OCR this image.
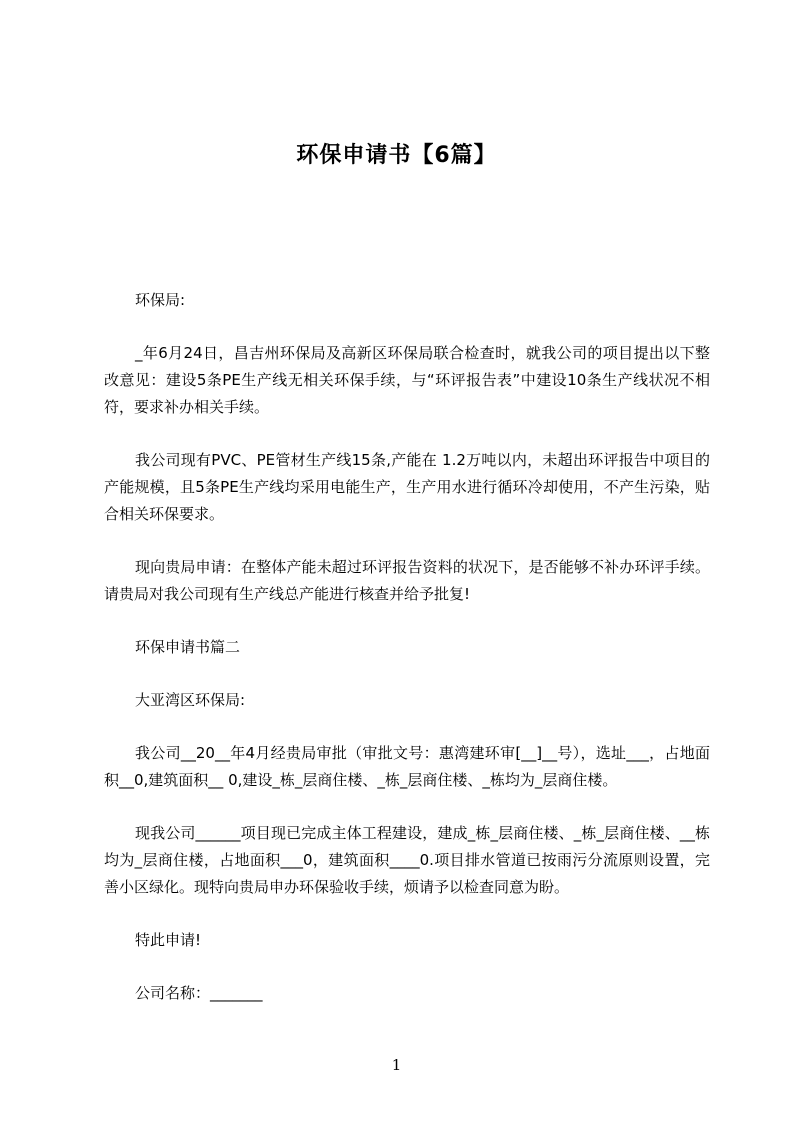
环保申请书【6篇】

环保局:

_年6月24日，昌吉州环保局及高新区环保局联合检查时，就我公司的项目提出以下整改意见：建设5条PE生产线无相关环保手续，与“环评报告表”中建设10条生产线状况不相符，要求补办相关手续。

我公司现有PVC、PE管材生产线15条,产能在 1.2万吨以内，未超出环评报告中项目的产能规模，且5条PE生产线均采用电能生产，生产用水进行循环冷却使用，不产生污染，贴合相关环保要求。

现向贵局申请：在整体产能未超过环评报告资料的状况下，是否能够不补办环评手续。请贵局对我公司现有生产线总产能进行核查并给予批复!

环保申请书篇二

大亚湾区环保局:

我公司__20__年4月经贵局审批（审批文号：惠湾建环审[__]__号），选址___，占地面积__0,建筑面积__ 0,建设_栋_层商住楼、_栋_层商住楼、_栋均为_层商住楼。

现我公司______项目现已完成主体工程建设，建成_栋_层商住楼、_栋_层商住楼、__栋均为_层商住楼，占地面积___0，建筑面积____0.项目排水管道已按雨污分流原则设置，完善小区绿化。现特向贵局申办环保验收手续，烦请予以检查同意为盼。

特此申请!

公司名称：_______

1
